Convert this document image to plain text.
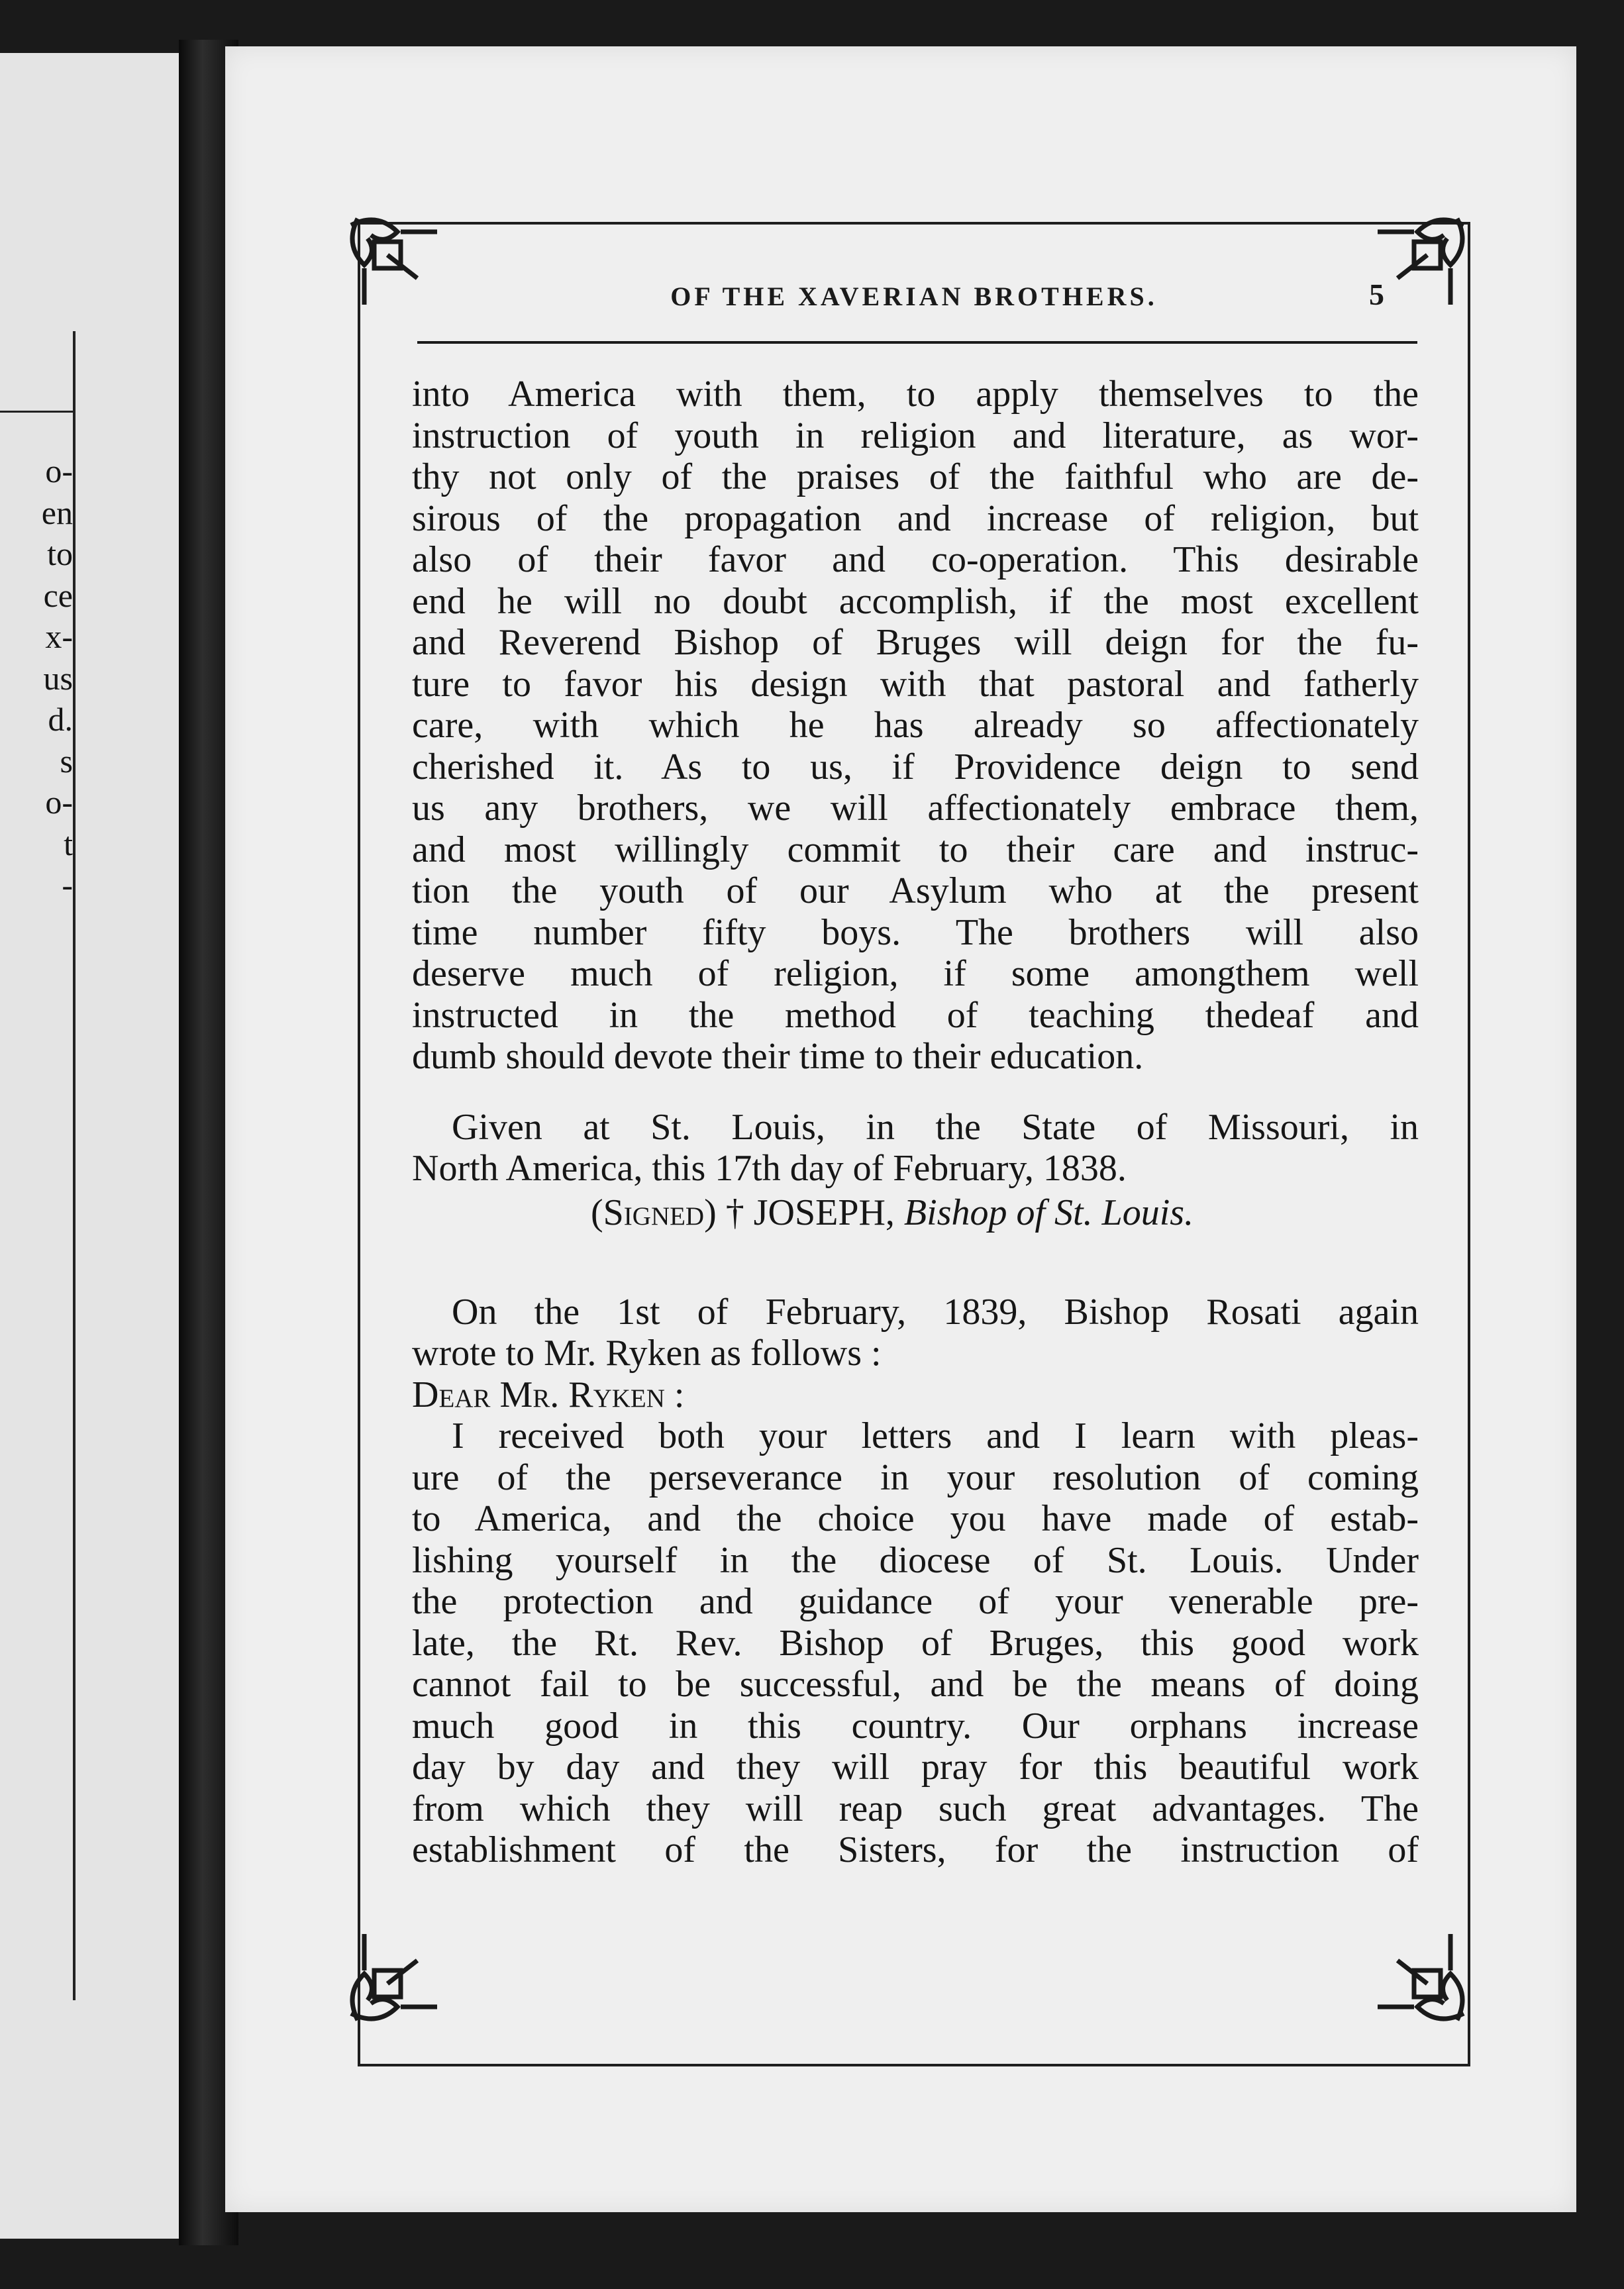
o-
en
to
ce
x-
us
d.
s
o-
t
-
OF THE XAVERIAN BROTHERS.	5
into America with them, to apply themselves to the
instruction of youth in religion and literature, as wor-
thy not only of the praises of the faithful who are de-
sirous of the propagation and increase of religion, but
also of their favor and co-operation. This desirable
end he will no doubt accomplish, if the most excellent
and Reverend Bishop of Bruges will deign for the fu-
ture to favor his design with that pastoral and fatherly
care, with which he has already so affectionately
cherished it. As to us, if Providence deign to send
us any brothers, we will affectionately embrace them,
and most willingly commit to their care and instruc-
tion the youth of our Asylum who at the present
time number fifty boys. The brothers will also
deserve much of religion, if some amongthem well
instructed in the method of teaching thedeaf and
dumb should devote their time to their education.
Given at St. Louis, in the State of Missouri, in
North America, this 17th day of February, 1838.
(Signed) † JOSEPH, Bishop of St. Louis.
On the 1st of February, 1839, Bishop Rosati again
wrote to Mr. Ryken as follows :
Dear Mr. Ryken :
I received both your letters and I learn with pleas-
ure of the perseverance in your resolution of coming
to America, and the choice you have made of estab-
lishing yourself in the diocese of St. Louis. Under
the protection and guidance of your venerable pre-
late, the Rt. Rev. Bishop of Bruges, this good work
cannot fail to be successful, and be the means of doing
much good in this country. Our orphans increase
day by day and they will pray for this beautiful work
from which they will reap such great advantages. The
establishment of the Sisters, for the instruction of
